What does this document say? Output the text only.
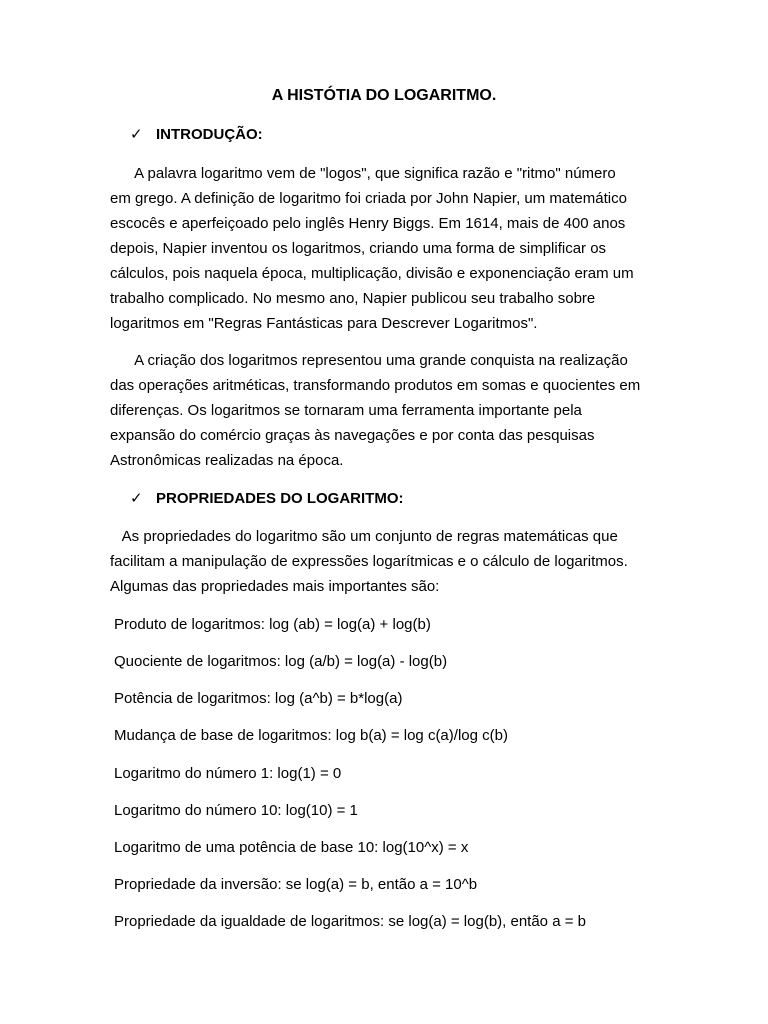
A HISTÓTIA DO LOGARITMO.
✓ INTRODUÇÃO:
A palavra logaritmo vem de "logos", que significa razão e "ritmo" número
em grego. A definição de logaritmo foi criada por John Napier, um matemático
escocês e aperfeiçoado pelo inglês Henry Biggs. Em 1614, mais de 400 anos
depois, Napier inventou os logaritmos, criando uma forma de simplificar os
cálculos, pois naquela época, multiplicação, divisão e exponenciação eram um
trabalho complicado. No mesmo ano, Napier publicou seu trabalho sobre
logaritmos em "Regras Fantásticas para Descrever Logaritmos".
A criação dos logaritmos representou uma grande conquista na realização
das operações aritméticas, transformando produtos em somas e quocientes em
diferenças. Os logaritmos se tornaram uma ferramenta importante pela
expansão do comércio graças às navegações e por conta das pesquisas
Astronômicas realizadas na época.
✓ PROPRIEDADES DO LOGARITMO:
As propriedades do logaritmo são um conjunto de regras matemáticas que
facilitam a manipulação de expressões logarítmicas e o cálculo de logaritmos.
Algumas das propriedades mais importantes são:
Produto de logaritmos: log (ab) = log(a) + log(b)
Quociente de logaritmos: log (a/b) = log(a) - log(b)
Potência de logaritmos: log (a^b) = b*log(a)
Mudança de base de logaritmos: log b(a) = log c(a)/log c(b)
Logaritmo do número 1: log(1) = 0
Logaritmo do número 10: log(10) = 1
Logaritmo de uma potência de base 10: log(10^x) = x
Propriedade da inversão: se log(a) = b, então a = 10^b
Propriedade da igualdade de logaritmos: se log(a) = log(b), então a = b
